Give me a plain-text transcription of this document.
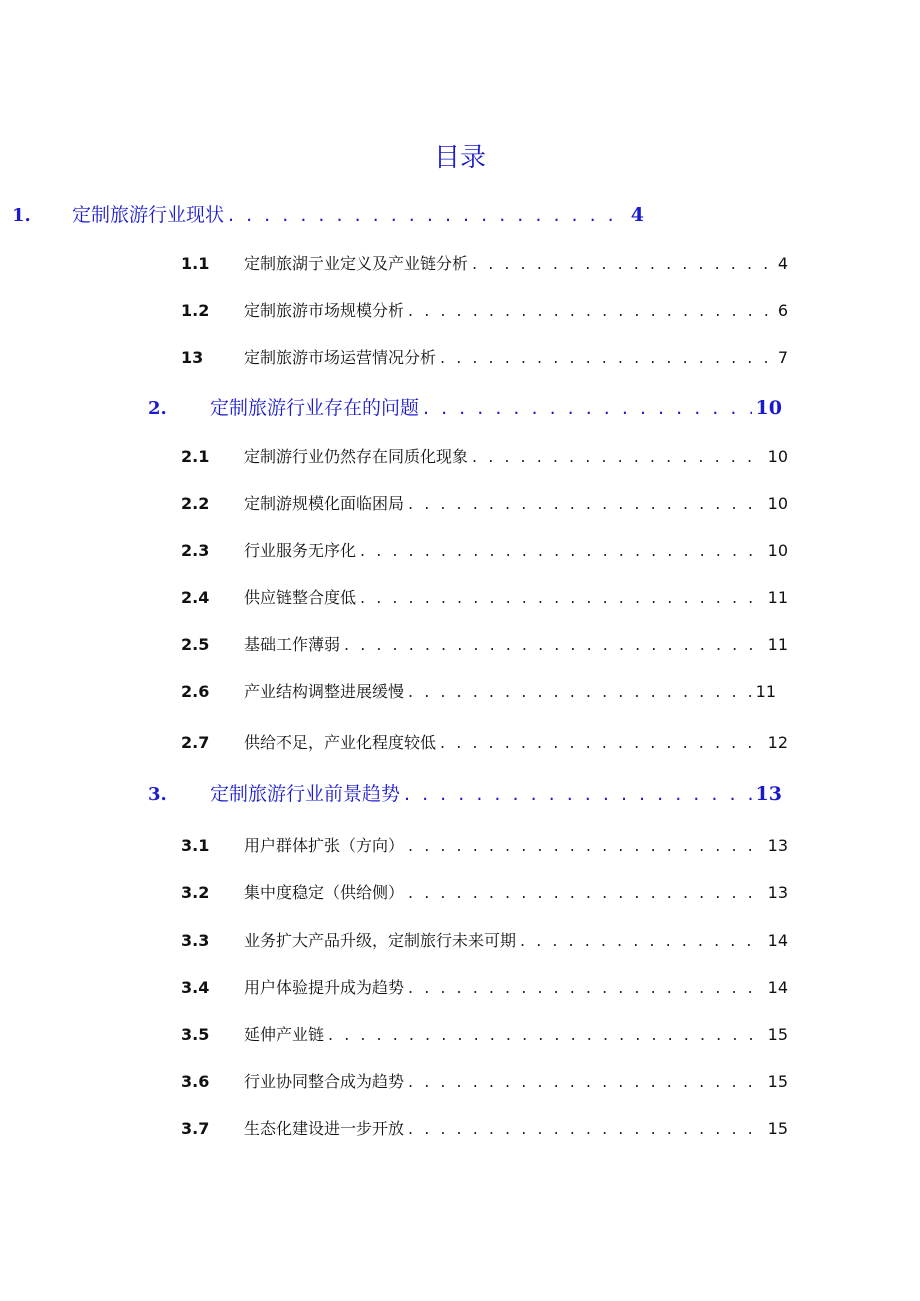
目录
1.	定制旅游行业现状 . . .	4
1.1	定制旅湖亍业定义及产业链分析 . . .	4
1.2	定制旅游市场规模分析 . . .	6
13	定制旅游市场运营情况分析 . . .	7
2.	定制旅游行业存在的问题 . . .	10
2.1	定制游行业仍然存在同质化现象 . . .	10
2.2	定制游规模化面临困局 . . .	10
2.3	行业服务无序化 . . .	10
2.4	供应链整合度低 . . .	11
2.5	基础工作薄弱 . . .	11
2.6	产业结构调整进展缓慢 . . .	11
2.7	供给不足，产业化程度较低 . . .	12
3.	定制旅游行业前景趋势 . . .	13
3.1	用户群体扩张（方向） . . .	13
3.2	集中度稳定（供给侧） . . .	13
3.3	业务扩大产品升级，定制旅行未来可期 . . .	14
3.4	用户体验提升成为趋势 . . .	14
3.5	延伸产业链 . . .	15
3.6	行业协同整合成为趋势 . . .	15
3.7	生态化建设进一步开放 . . .	15
